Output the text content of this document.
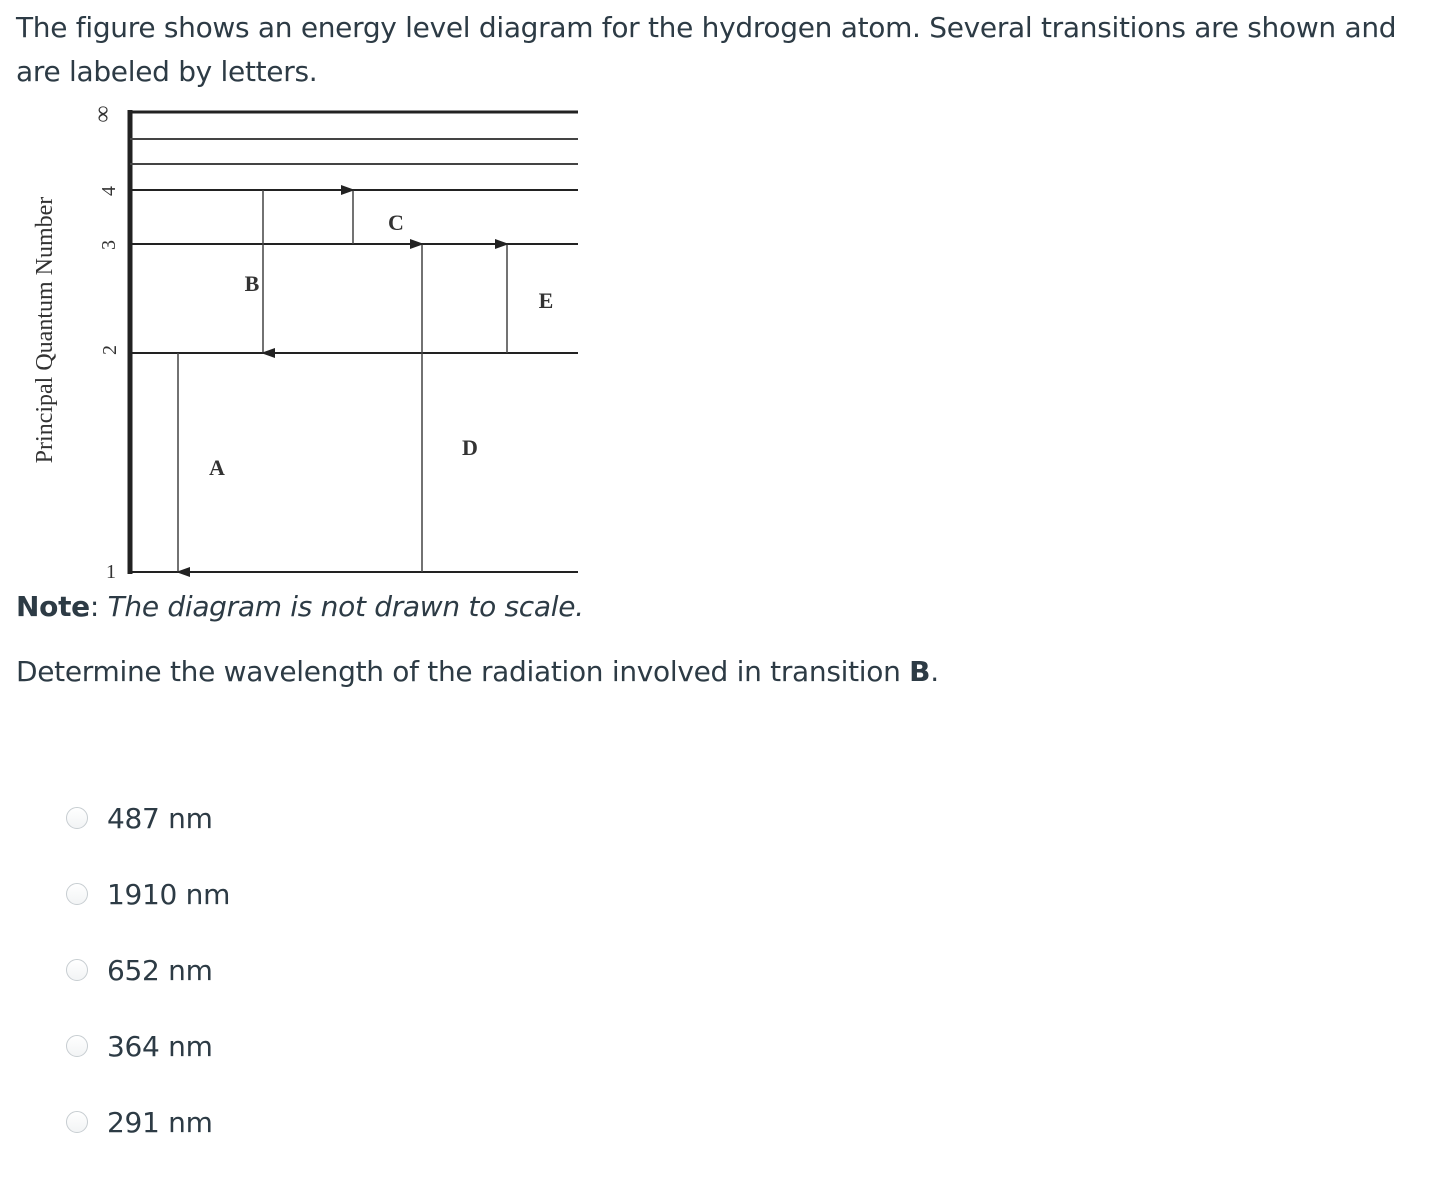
The figure shows an energy level diagram for the hydrogen atom. Several transitions are shown and are labeled by letters.
∞
4
3
2
1
A
B
C
D
E
Principal Quantum Number
Note: The diagram is not drawn to scale.
Determine the wavelength of the radiation involved in transition B.
487 nm
1910 nm
652 nm
364 nm
291 nm
